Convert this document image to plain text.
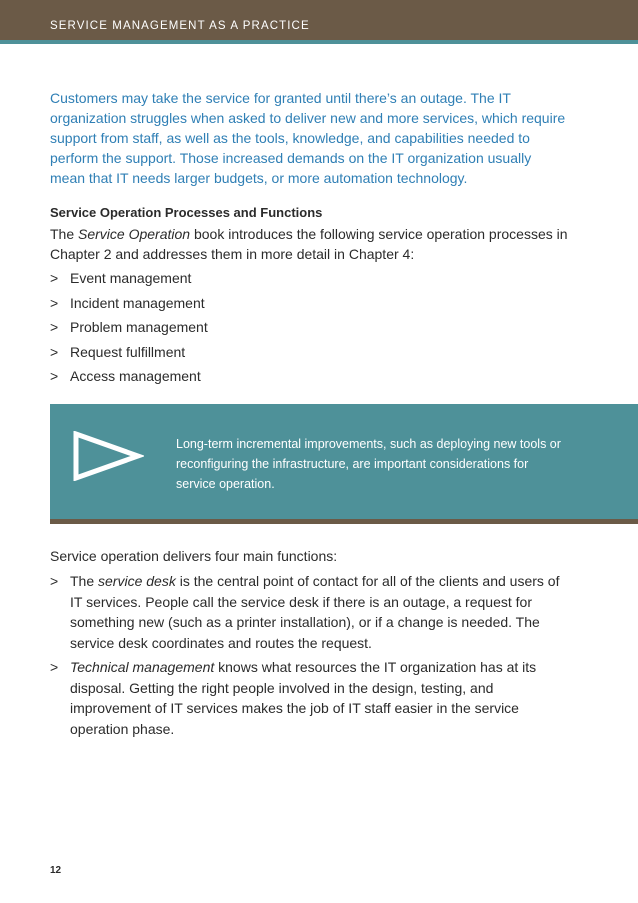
SERVICE MANAGEMENT AS A PRACTICE

Customers may take the service for granted until there’s an outage. The IT organization struggles when asked to deliver new and more services, which require support from staff, as well as the tools, knowledge, and capabilities needed to perform the support. Those increased demands on the IT organization usually mean that IT needs larger budgets, or more automation technology.

Service Operation Processes and Functions

The Service Operation book introduces the following service operation processes in Chapter 2 and addresses them in more detail in Chapter 4:

> Event management
> Incident management
> Problem management
> Request fulfillment
> Access management
Long-term incremental improvements, such as deploying new tools or reconfiguring the infrastructure, are important considerations for service operation.
Service operation delivers four main functions:
> The service desk is the central point of contact for all of the clients and users of IT services. People call the service desk if there is an outage, a request for something new (such as a printer installation), or if a change is needed. The service desk coordinates and routes the request.
> Technical management knows what resources the IT organization has at its disposal. Getting the right people involved in the design, testing, and improvement of IT services makes the job of IT staff easier in the service operation phase.
12
